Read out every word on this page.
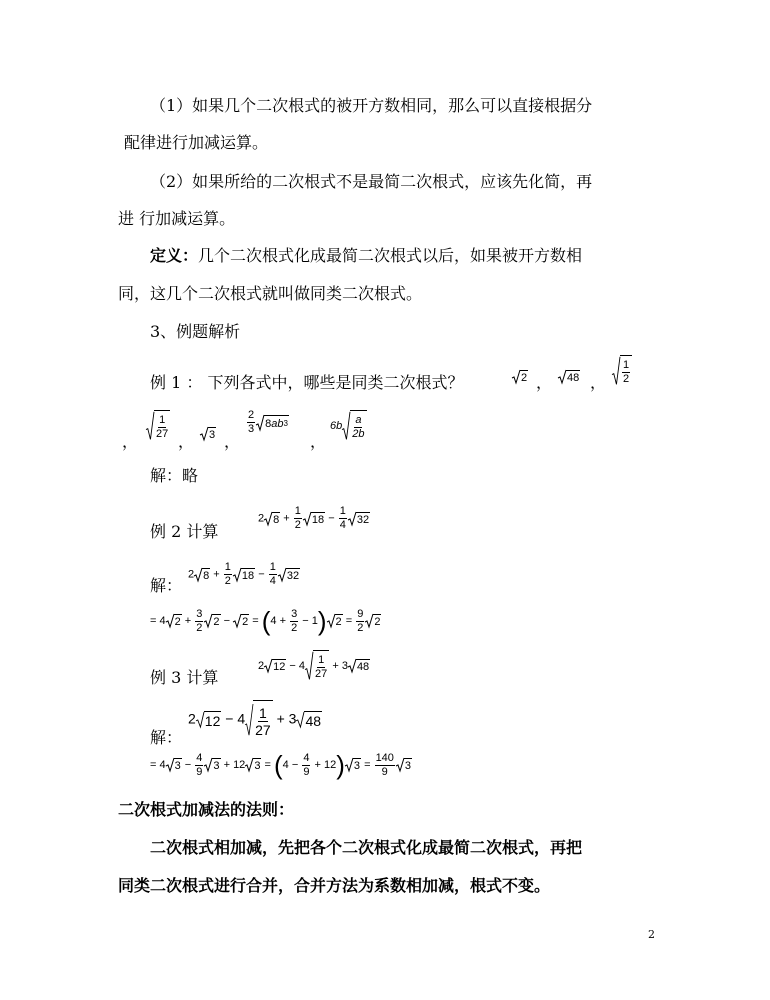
（1）如果几个二次根式的被开方数相同，那么可以直接根据分
配律进行加减运算。
（2）如果所给的二次根式不是最简二次根式，应该先化简，再
进 行加减运算。
定义：几个二次根式化成最简二次根式以后，如果被开方数相
同，这几个二次根式就叫做同类二次根式。
3、例题解析
例 1 ： 下列各式中，哪些是同类二次根式？	2 ， 48 ， $\frac{1}{2}$
，
$\frac{1}{27}$
， 3 ，
$\frac{2}{3} 8$ ab 3
，
$6b \frac{a}{2b}$
解：略
例 2 计算
2 $8 + \frac{1}{2} 18 - \frac{1}{4} 32$
解：
2 $8 + \frac{1}{2} 18 - \frac{1}{4} 32$
= 4 $2 + \frac{3}{2} 2 - 2 = (4 + \frac{3}{2} - 1) 2 = \frac{9}{2} 2$
例 3 计算
2 $12 - 4 \frac{1}{27} + 3$ 48
解：
2 $12 - 4 \frac{1}{27} + 3$ 48
= 4 $3 - \frac{4}{9} 3 + 12$ $3 = (4 - \frac{4}{9} + 12)$ $3 = \frac{140}{9} 3$
二次根式加减法的法则：
二次根式相加减，先把各个二次根式化成最简二次根式，再把
同类二次根式进行合并，合并方法为系数相加减，根式不变。
2
